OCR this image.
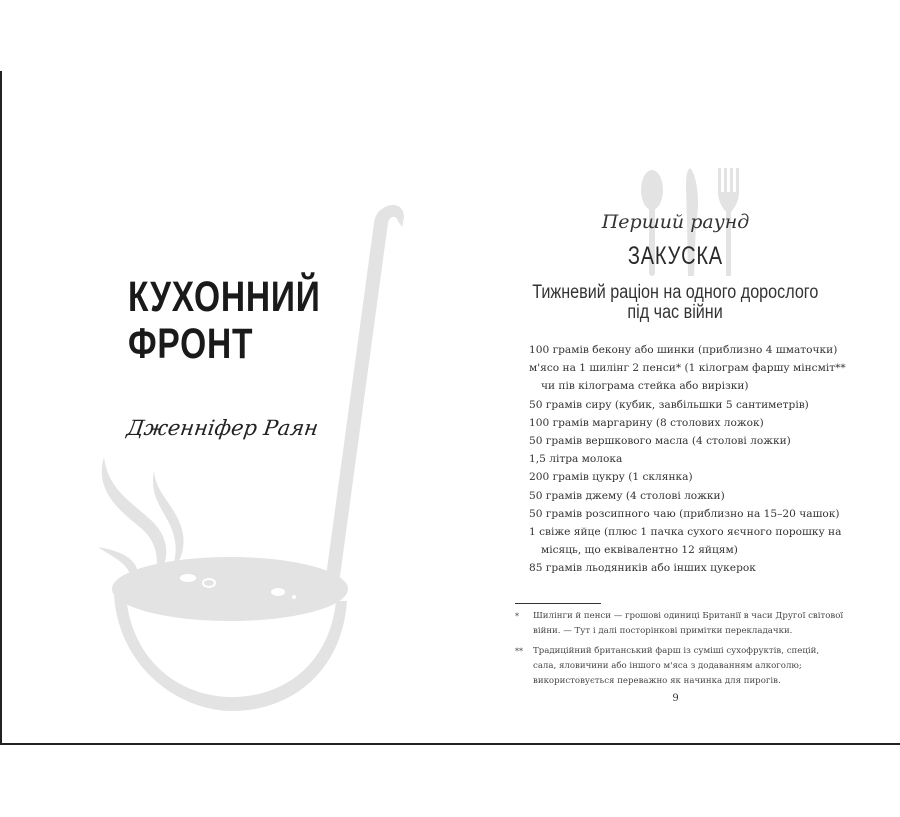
КУХОННИЙ
ФРОНТ
Дженніфер Раян
Перший раунд
ЗАКУСКА
Тижневий раціон на одного дорослого
під час війни
100 грамів бекону або шинки (приблизно 4 шматочки)
м'ясо на 1 шилінг 2 пенси* (1 кілограм фаршу мінсміт** чи пів кілограма стейка або вирізки)
50 грамів сиру (кубик, завбільшки 5 сантиметрів)
100 грамів маргарину (8 столових ложок)
50 грамів вершкового масла (4 столові ложки)
1,5 літра молока
200 грамів цукру (1 склянка)
50 грамів джему (4 столові ложки)
50 грамів розсипного чаю (приблизно на 15–20 чашок)
1 свіже яйце (плюс 1 пачка сухого яєчного порошку на місяць, що еквівалентно 12 яйцям)
85 грамів льодяників або інших цукерок
* Шилінги й пенси — грошові одиниці Британії в часи Другої світової війни. — Тут і далі посторінкові примітки перекладачки.
** Традиційний британський фарш із суміші сухофруктів, спецій, сала, яловичини або іншого м'яса з додаванням алкоголю; використовується переважно як начинка для пирогів.
9
